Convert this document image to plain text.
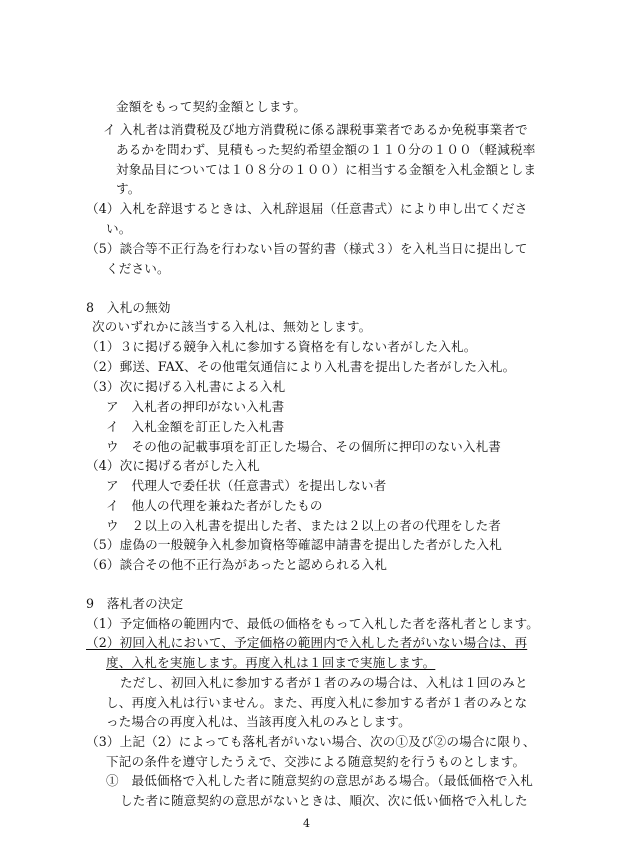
4
金額をもって契約金額とします。
イ 入札者は消費税及び地方消費税に係る課税事業者であるか免税事業者で
あるかを問わず、見積もった契約希望金額の１１０分の１００（軽減税率
対象品目については１０８分の１００）に相当する金額を入札金額としま
す。
（4）入札を辞退するときは、入札辞退届（任意書式）により申し出てくださ
い。
（5）談合等不正行為を行わない旨の誓約書（様式３）を入札当日に提出して
ください。
8　入札の無効
次のいずれかに該当する入札は、無効とします。
（1）３に掲げる競争入札に参加する資格を有しない者がした入札。
（2）郵送、FAX、その他電気通信により入札書を提出した者がした入札。
（3）次に掲げる入札書による入札
ア　入札者の押印がない入札書
イ　入札金額を訂正した入札書
ウ　その他の記載事項を訂正した場合、その個所に押印のない入札書
（4）次に掲げる者がした入札
ア　代理人で委任状（任意書式）を提出しない者
イ　他人の代理を兼ねた者がしたもの
ウ　２以上の入札書を提出した者、または２以上の者の代理をした者
（5）虚偽の一般競争入札参加資格等確認申請書を提出した者がした入札
（6）談合その他不正行為があったと認められる入札
9　落札者の決定
（1）予定価格の範囲内で、最低の価格をもって入札した者を落札者とします。
（2）初回入札において、予定価格の範囲内で入札した者がいない場合は、再
度、入札を実施します。再度入札は１回まで実施します。
ただし、初回入札に参加する者が１者のみの場合は、入札は１回のみと
し、再度入札は行いません。また、再度入札に参加する者が１者のみとな
った場合の再度入札は、当該再度入札のみとします。
（3）上記（2）によっても落札者がいない場合、次の①及び②の場合に限り、
下記の条件を遵守したうえで、交渉による随意契約を行うものとします。
①　最低価格で入札した者に随意契約の意思がある場合。（最低価格で入札
した者に随意契約の意思がないときは、順次、次に低い価格で入札した
